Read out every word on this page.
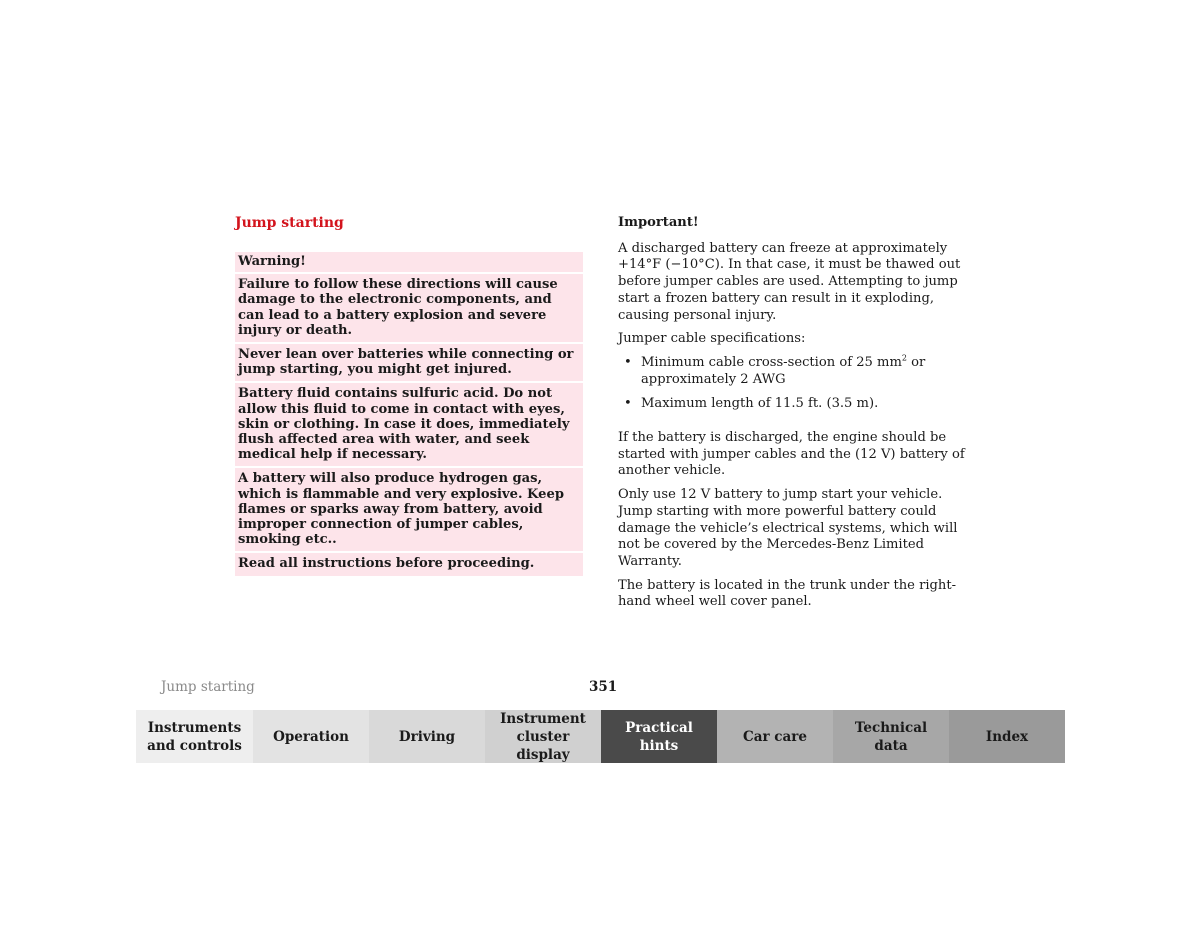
Jump starting
Warning!
Failure to follow these directions will cause damage to the electronic components, and can lead to a battery explosion and severe injury or death.
Never lean over batteries while connecting or jump starting, you might get injured.
Battery fluid contains sulfuric acid. Do not allow this fluid to come in contact with eyes, skin or clothing. In case it does, immediately flush affected area with water, and seek medical help if necessary.
A battery will also produce hydrogen gas, which is flammable and very explosive. Keep flames or sparks away from battery, avoid improper connection of jumper cables, smoking etc..
Read all instructions before proceeding.

Important!

A discharged battery can freeze at approximately +14°F (−10°C). In that case, it must be thawed out before jumper cables are used. Attempting to jump start a frozen battery can result in it exploding, causing personal injury.

Jumper cable specifications:

• Minimum cable cross-section of 25 $mm^2$ or approximately 2 AWG
• Maximum length of 11.5 ft. (3.5 m).

If the battery is discharged, the engine should be started with jumper cables and the (12 V) battery of another vehicle.

Only use 12 V battery to jump start your vehicle. Jump starting with more powerful battery could damage the vehicle’s electrical systems, which will not be covered by the Mercedes-Benz Limited Warranty.

The battery is located in the trunk under the right-hand wheel well cover panel.

Jump starting	351
Instruments
and controls
Operation	Driving
Instrument
cluster display
Practical hints
Car care
Technical
data
Index
